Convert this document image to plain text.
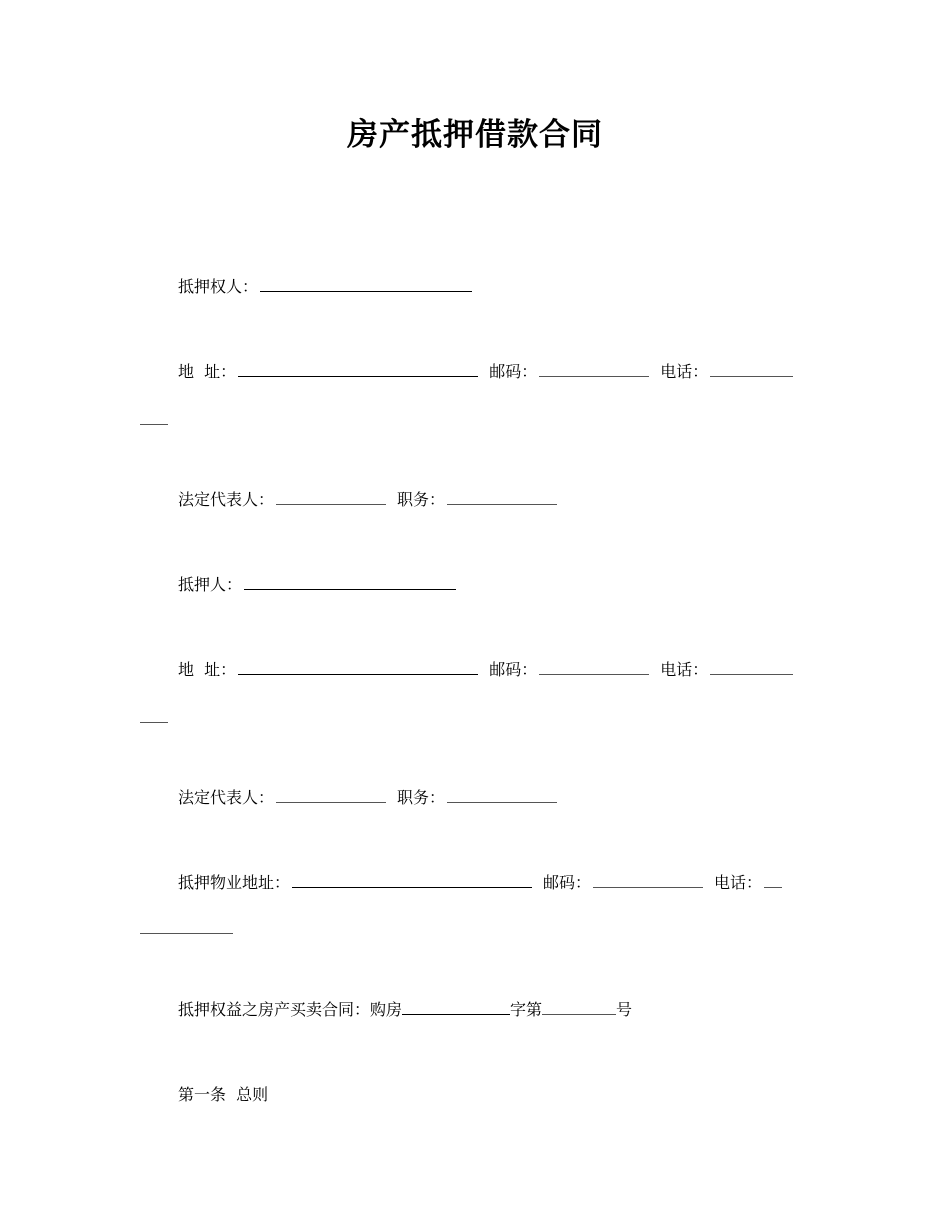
房产抵押借款合同
抵押权人：
地  址：	邮码：	电话：
法定代表人：	职务：
抵押人：
地  址：	邮码：	电话：
法定代表人：	职务：
抵押物业地址：	邮码：	电话：
抵押权益之房产买卖合同：购房	字第	号
第一条  总则
